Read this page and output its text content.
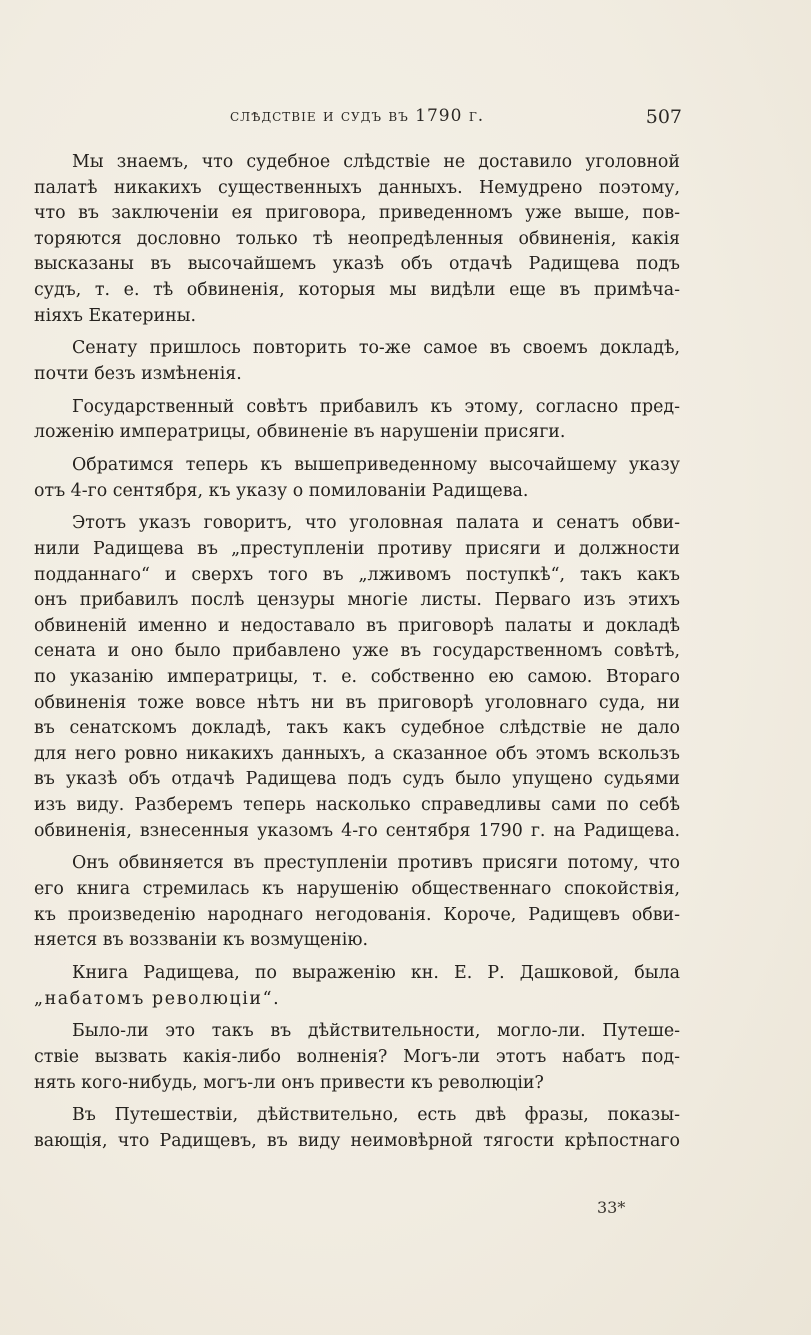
слѣдствіе и судъ въ 1790 г.	507
Мы знаемъ, что судебное слѣдствіе не доставило уголовной
палатѣ никакихъ существенныхъ данныхъ. Немудрено поэтому,
что въ заключеніи ея приговора, приведенномъ уже выше, пов-
торяются дословно только тѣ неопредѣленныя обвиненія, какія
высказаны въ высочайшемъ указѣ объ отдачѣ Радищева подъ
судъ, т. е. тѣ обвиненія, которыя мы видѣли еще въ примѣча-
ніяхъ Екатерины.
Сенату пришлось повторить то-же самое въ своемъ докладѣ,
почти безъ измѣненія.
Государственный совѣтъ прибавилъ къ этому, согласно пред-
ложенію императрицы, обвиненіе въ нарушеніи присяги.
Обратимся теперь къ вышеприведенному высочайшему указу
отъ 4-го сентября, къ указу о помилованіи Радищева.
Этотъ указъ говоритъ, что уголовная палата и сенатъ обви-
нили Радищева въ „преступленіи противу присяги и должности
подданнаго“ и сверхъ того въ „лживомъ поступкѣ“, такъ какъ
онъ прибавилъ послѣ цензуры многіе листы. Перваго изъ этихъ
обвиненій именно и недоставало въ приговорѣ палаты и докладѣ
сената и оно было прибавлено уже въ государственномъ совѣтѣ,
по указанію императрицы, т. е. собственно ею самою. Втораго
обвиненія тоже вовсе нѣтъ ни въ приговорѣ уголовнаго суда, ни
въ сенатскомъ докладѣ, такъ какъ судебное слѣдствіе не дало
для него ровно никакихъ данныхъ, а сказанное объ этомъ вскользъ
въ указѣ объ отдачѣ Радищева подъ судъ было упущено судьями
изъ виду. Разберемъ теперь насколько справедливы сами по себѣ
обвиненія, взнесенныя указомъ 4-го сентября 1790 г. на Радищева.
Онъ обвиняется въ преступленіи противъ присяги потому, что
его книга стремилась къ нарушенію общественнаго спокойствія,
къ произведенію народнаго негодованія. Короче, Радищевъ обви-
няется въ воззваніи къ возмущенію.
Книга Радищева, по выраженію кн. Е. Р. Дашковой, была
„набатомъ революціи“.
Было-ли это такъ въ дѣйствительности, могло-ли. Путеше-
ствіе вызвать какія-либо волненія? Могъ-ли этотъ набатъ под-
нять кого-нибудь, могъ-ли онъ привести къ революціи?
Въ Путешествіи, дѣйствительно, есть двѣ фразы, показы-
вающія, что Радищевъ, въ виду неимовѣрной тягости крѣпостнаго
33*
